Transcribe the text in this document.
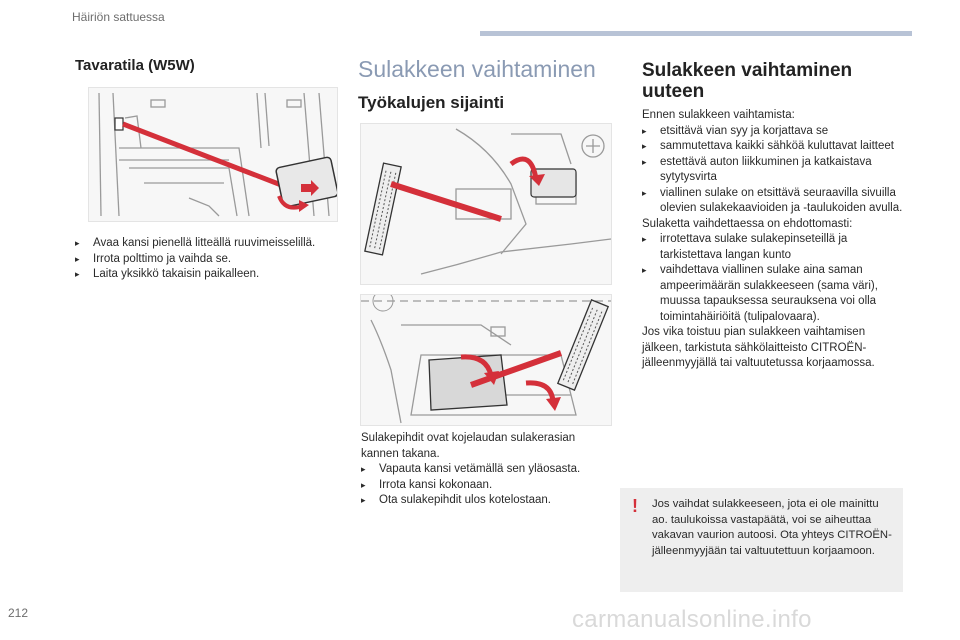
Häiriön sattuessa
Tavaratila (W5W)
▸	Avaa kansi pienellä litteällä ruuvimeisselillä.
▸	Irrota polttimo ja vaihda se.
▸	Laita yksikkö takaisin paikalleen.
Sulakkeen vaihtaminen
Työkalujen sijainti
Sulakepihdit ovat kojelaudan sulakerasian kannen takana.
▸	Vapauta kansi vetämällä sen yläosasta.
▸	Irrota kansi kokonaan.
▸	Ota sulakepihdit ulos kotelostaan.
Sulakkeen vaihtaminen
uuteen
Ennen sulakkeen vaihtamista:
▸	etsittävä vian syy ja korjattava se
▸	sammutettava kaikki sähköä kuluttavat laitteet
▸	estettävä auton liikkuminen ja katkaistava sytytysvirta
▸	viallinen sulake on etsittävä seuraavilla sivuilla olevien sulakekaavioiden ja -taulukoiden avulla.
Sulaketta vaihdettaessa on ehdottomasti:
▸	irrotettava sulake sulakepinseteillä ja tarkistettava langan kunto
▸	vaihdettava viallinen sulake aina saman ampeerimäärän sulakkeeseen (sama väri), muussa tapauksessa seurauksena voi olla toimintahäiriöitä (tulipalovaara).
Jos vika toistuu pian sulakkeen vaihtamisen jälkeen, tarkistuta sähkölaitteisto CITROËN-jälleenmyyjällä tai valtuutetussa korjaamossa.
! Jos vaihdat sulakkeeseen, jota ei ole mainittu ao. taulukoissa vastapäätä, voi se aiheuttaa vakavan vaurion autoosi. Ota yhteys CITROËN-jälleenmyyjään tai valtuutettuun korjaamoon.
212	carmanualsonline.info
